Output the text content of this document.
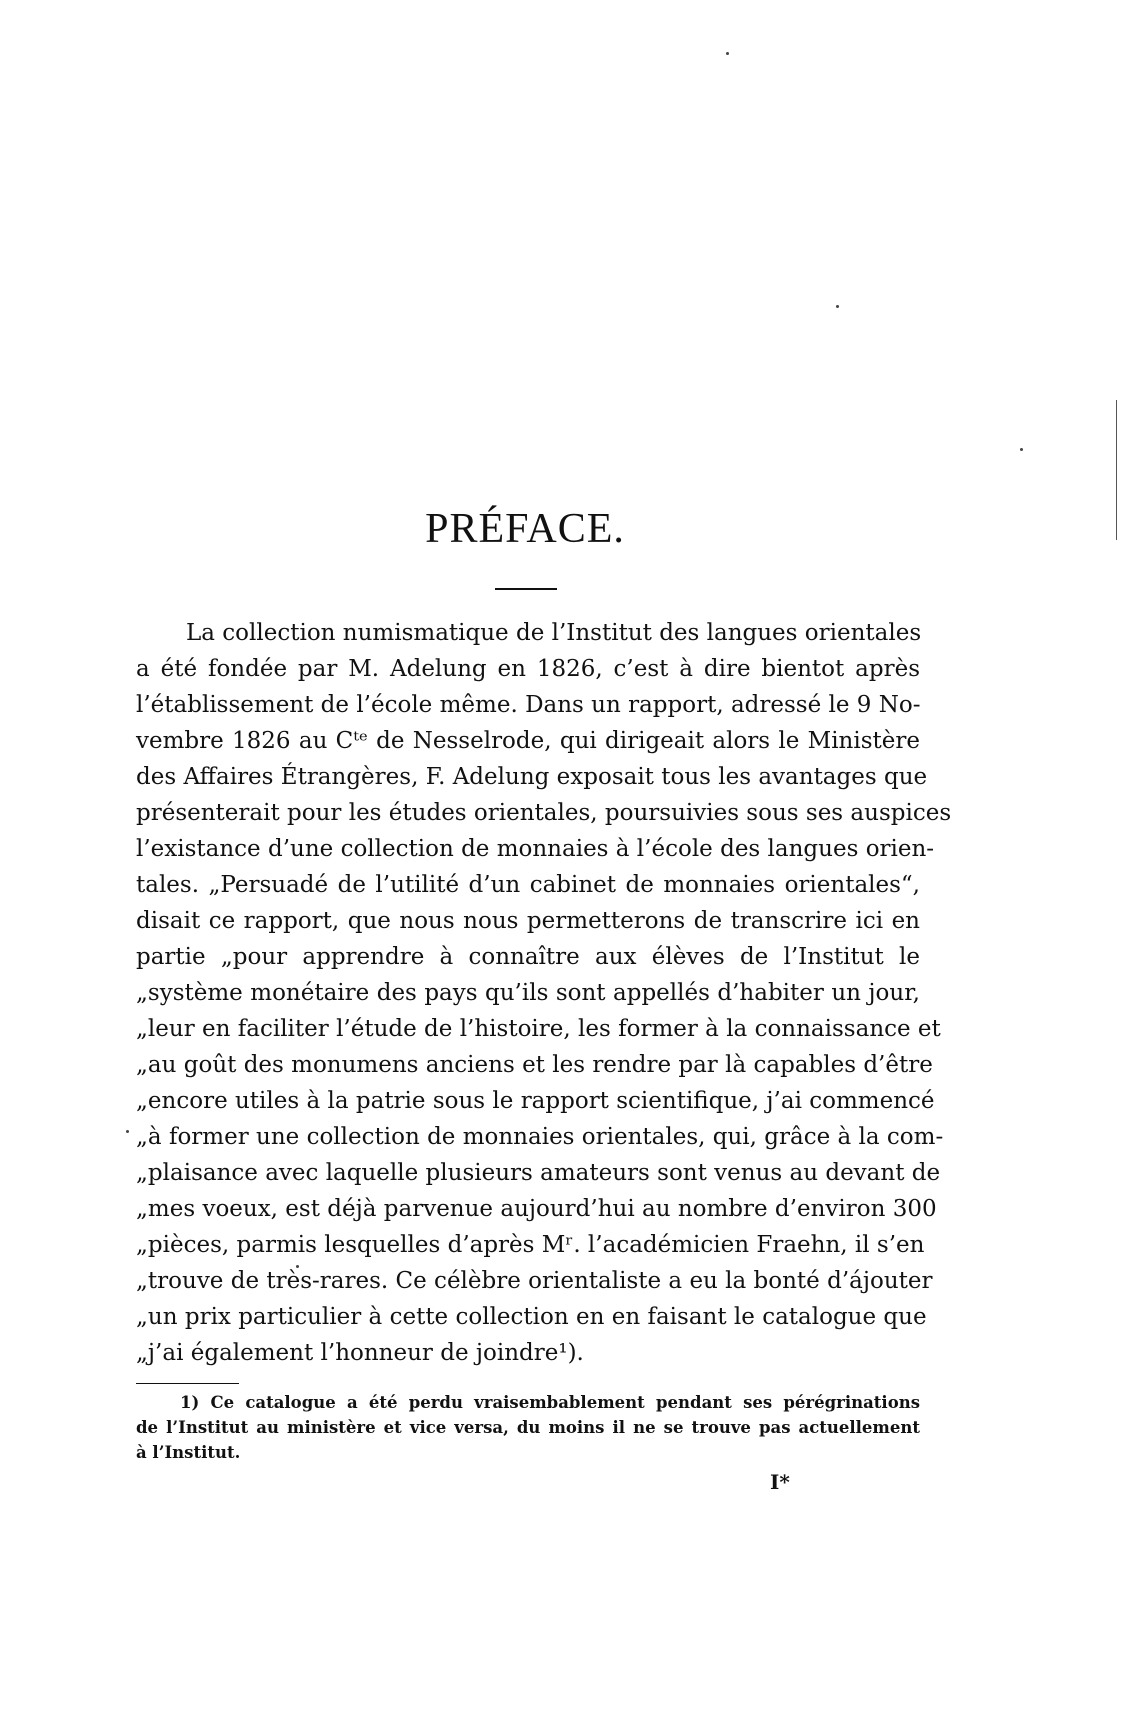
PRÉFACE.
La collection numismatique de l’Institut des langues orientales
a été fondée par M. Adelung en 1826, c’est à dire bientot après
l’établissement de l’école même. Dans un rapport, adressé le 9 No-
vembre 1826 au Cᵗᵉ de Nesselrode, qui dirigeait alors le Ministère
des Affaires Étrangères, F. Adelung exposait tous les avantages que
présenterait pour les études orientales, poursuivies sous ses auspices
l’existance d’une collection de monnaies à l’école des langues orien-
tales. „Persuadé de l’utilité d’un cabinet de monnaies orientales“,
disait ce rapport, que nous nous permetterons de transcrire ici en
partie „pour apprendre à connaître aux élèves de l’Institut le
„système monétaire des pays qu’ils sont appellés d’habiter un jour,
„leur en faciliter l’étude de l’histoire, les former à la connaissance et
„au goût des monumens anciens et les rendre par là capables d’être
„encore utiles à la patrie sous le rapport scientifique, j’ai commencé
„à former une collection de monnaies orientales, qui, grâce à la com-
„plaisance avec laquelle plusieurs amateurs sont venus au devant de
„mes voeux, est déjà parvenue aujourd’hui au nombre d’environ 300
„pièces, parmis lesquelles d’après Mʳ. l’académicien Fraehn, il s’en
„trouve de très-rares. Ce célèbre orientaliste a eu la bonté d’ájouter
„un prix particulier à cette collection en en faisant le catalogue que
„j’ai également l’honneur de joindre¹).
1) Ce catalogue a été perdu vraisembablement pendant ses pérégrinations
de l’Institut au ministère et vice versa, du moins il ne se trouve pas actuellement
à l’Institut.
I*
